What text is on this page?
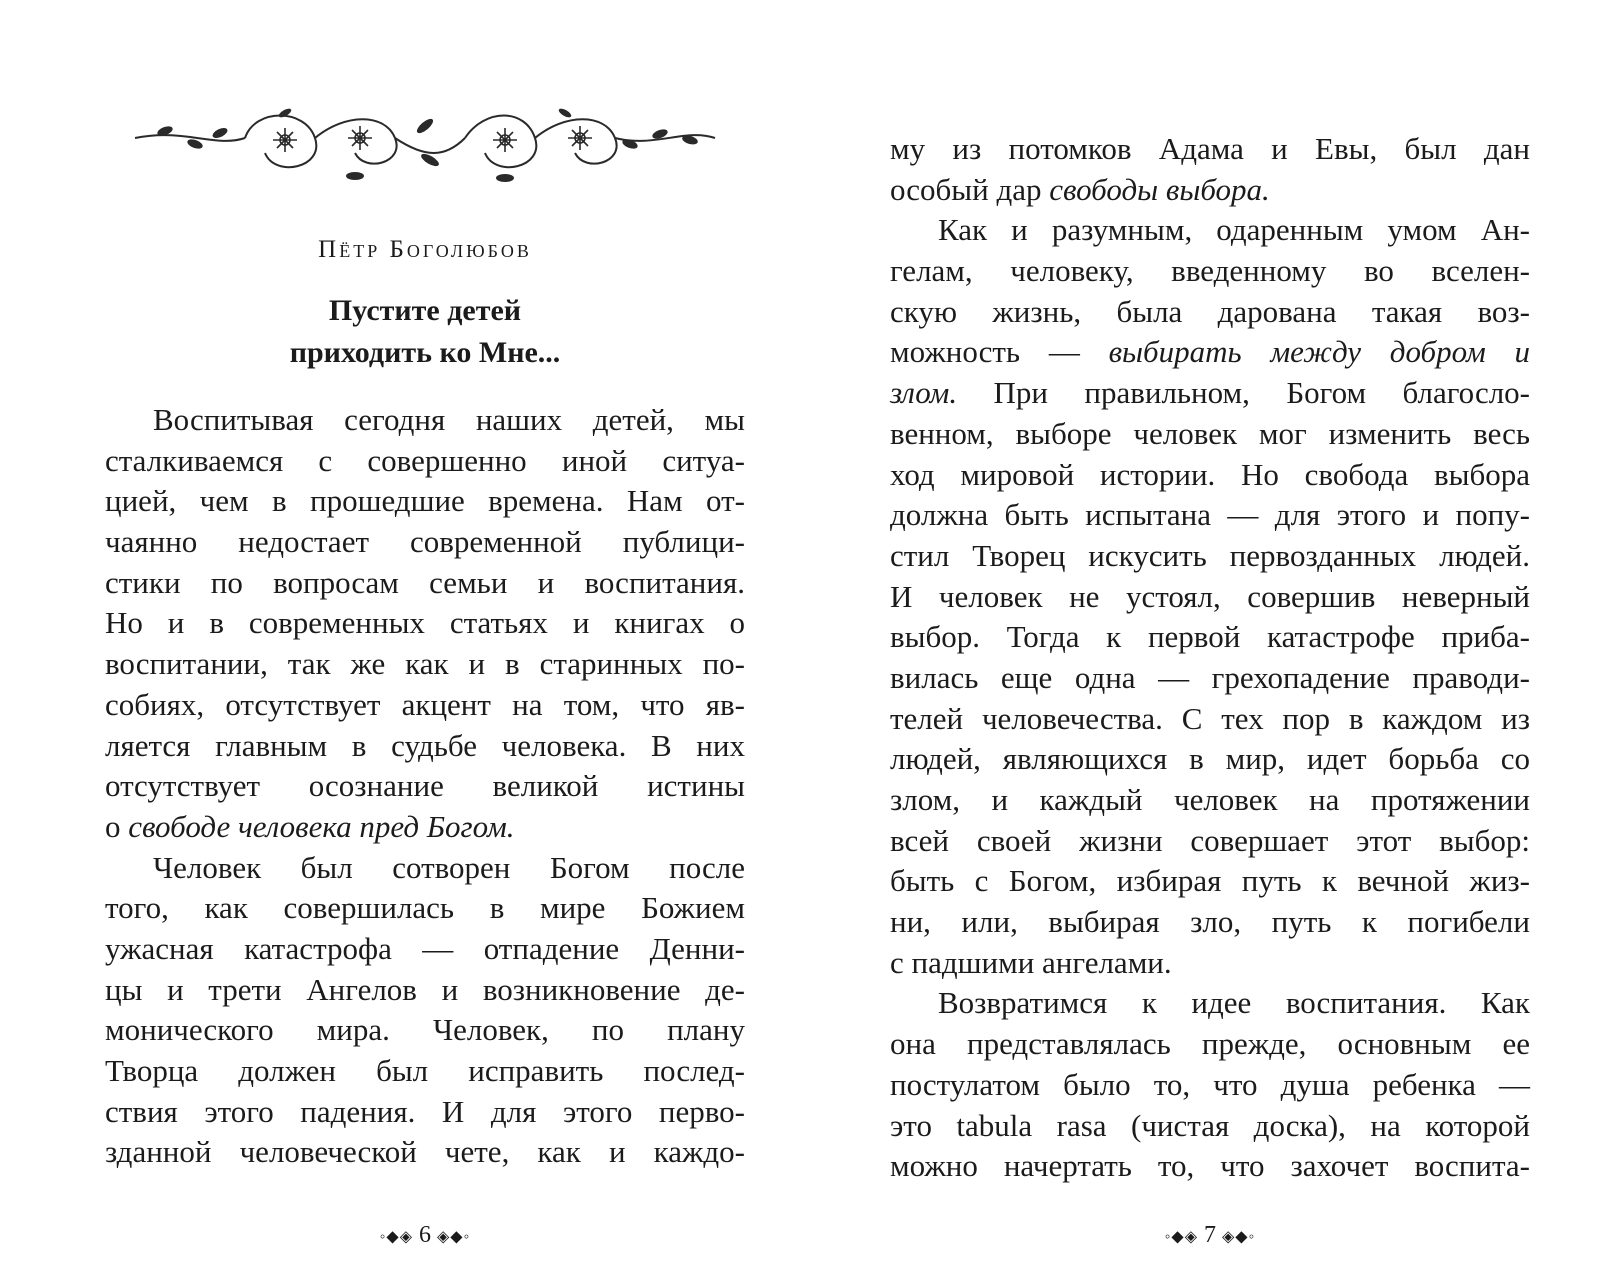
Пётр Боголюбов
Пустите детей
приходить ко Мне...
Воспитывая сегодня наших детей, мы
сталкиваемся с совершенно иной ситуа-
цией, чем в прошедшие времена. Нам от-
чаянно недостает современной публици-
стики по вопросам семьи и воспитания.
Но и в современных статьях и книгах о
воспитании, так же как и в старинных по-
собиях, отсутствует акцент на том, что яв-
ляется главным в судьбе человека. В них
отсутствует осознание великой истины
о свободе человека пред Богом.
Человек был сотворен Богом после
того, как совершилась в мире Божием
ужасная катастрофа — отпадение Денни-
цы и трети Ангелов и возникновение де-
монического мира. Человек, по плану
Творца должен был исправить послед-
ствия этого падения. И для этого перво-
зданной человеческой чете, как и каждо-
◦◆◈ 6 ◈◆◦
му из потомков Адама и Евы, был дан
особый дар свободы выбора.
Как и разумным, одаренным умом Ан-
гелам, человеку, введенному во вселен-
скую жизнь, была дарована такая воз-
можность — выбирать между добром и
злом. При правильном, Богом благосло-
венном, выборе человек мог изменить весь
ход мировой истории. Но свобода выбора
должна быть испытана — для этого и попу-
стил Творец искусить первозданных людей.
И человек не устоял, совершив неверный
выбор. Тогда к первой катастрофе приба-
вилась еще одна — грехопадение праводи-
телей человечества. С тех пор в каждом из
людей, являющихся в мир, идет борьба со
злом, и каждый человек на протяжении
всей своей жизни совершает этот выбор:
быть с Богом, избирая путь к вечной жиз-
ни, или, выбирая зло, путь к погибели
с падшими ангелами.
Возвратимся к идее воспитания. Как
она представлялась прежде, основным ее
постулатом было то, что душа ребенка —
это tabula rasa (чистая доска), на которой
можно начертать то, что захочет воспита-
◦◆◈ 7 ◈◆◦
